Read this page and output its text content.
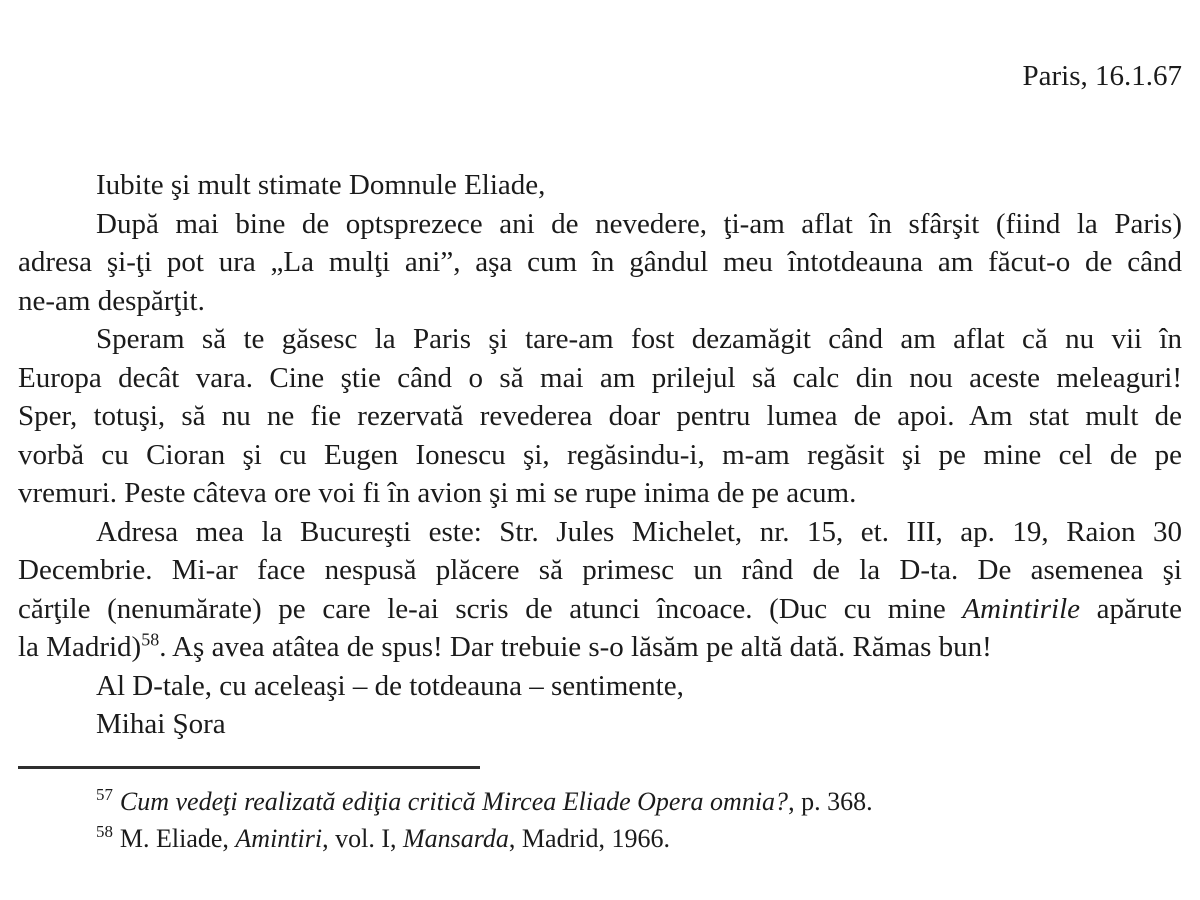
Paris, 16.1.67
Iubite şi mult stimate Domnule Eliade,
După mai bine de optsprezece ani de nevedere, ţi-am aflat în sfârşit (fiind la Paris)
adresa şi-ţi pot ura „La mulţi ani”, aşa cum în gândul meu întotdeauna am făcut-o de când
ne-am despărţit.
Speram să te găsesc la Paris şi tare-am fost dezamăgit când am aflat că nu vii în
Europa decât vara. Cine ştie când o să mai am prilejul să calc din nou aceste meleaguri!
Sper, totuşi, să nu ne fie rezervată revederea doar pentru lumea de apoi. Am stat mult de
vorbă cu Cioran şi cu Eugen Ionescu şi, regăsindu-i, m-am regăsit şi pe mine cel de pe
vremuri. Peste câteva ore voi fi în avion şi mi se rupe inima de pe acum.
Adresa mea la Bucureşti este: Str. Jules Michelet, nr. 15, et. III, ap. 19, Raion 30
Decembrie. Mi-ar face nespusă plăcere să primesc un rând de la D-ta. De asemenea şi
cărţile (nenumărate) pe care le-ai scris de atunci încoace. (Duc cu mine Amintirile apărute
la Madrid)$^{58}$. Aş avea atâtea de spus! Dar trebuie s-o lăsăm pe altă dată. Rămas bun!
Al D-tale, cu aceleaşi – de totdeauna – sentimente,
Mihai Şora
$^{57}$ Cum vedeţi realizată ediţia critică Mircea Eliade Opera omnia?, p. 368.
$^{58}$ M. Eliade, Amintiri, vol. I, Mansarda, Madrid, 1966.
